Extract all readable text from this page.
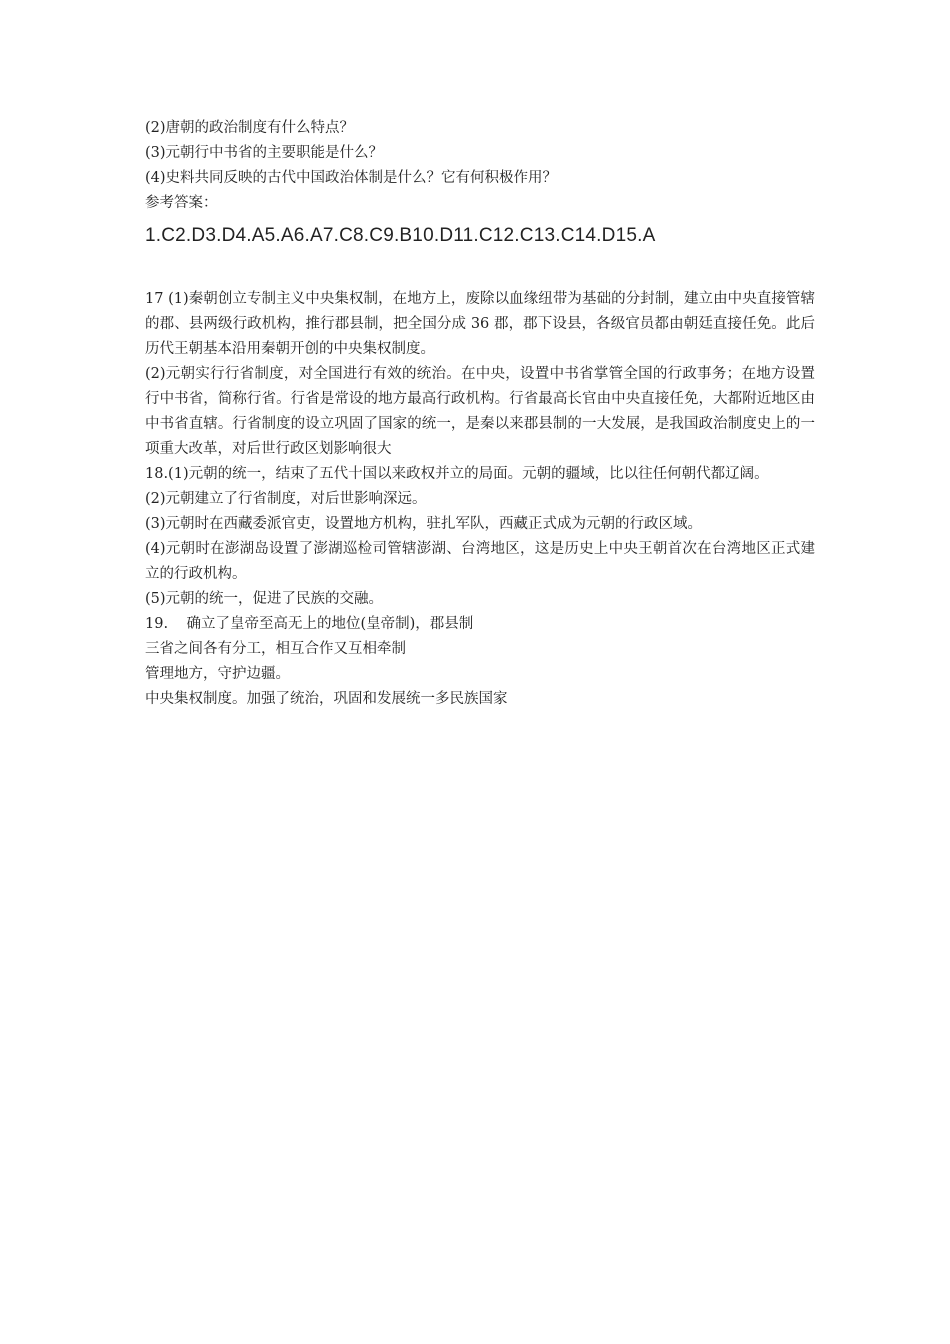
(2)唐朝的政治制度有什么特点？
(3)元朝行中书省的主要职能是什么？
(4)史料共同反映的古代中国政治体制是什么？它有何积极作用？
参考答案：
1.C2.D3.D4.A5.A6.A7.C8.C9.B10.D11.C12.C13.C14.D15.A
17 (1)秦朝创立专制主义中央集权制，在地方上，废除以血缘纽带为基础的分封制，建立由中央直接管辖的郡、县两级行政机构，推行郡县制，把全国分成 36 郡，郡下设县，各级官员都由朝廷直接任免。此后历代王朝基本沿用秦朝开创的中央集权制度。
(2)元朝实行行省制度，对全国进行有效的统治。在中央，设置中书省掌管全国的行政事务；在地方设置行中书省，简称行省。行省是常设的地方最高行政机构。行省最高长官由中央直接任免，大都附近地区由中书省直辖。行省制度的设立巩固了国家的统一，是秦以来郡县制的一大发展，是我国政治制度史上的一项重大改革，对后世行政区划影响很大
18.(1)元朝的统一，结束了五代十国以来政权并立的局面。元朝的疆域，比以往任何朝代都辽阔。
(2)元朝建立了行省制度，对后世影响深远。
(3)元朝时在西藏委派官吏，设置地方机构，驻扎军队，西藏正式成为元朝的行政区域。
(4)元朝时在澎湖岛设置了澎湖巡检司管辖澎湖、台湾地区，这是历史上中央王朝首次在台湾地区正式建立的行政机构。
(5)元朝的统一，促进了民族的交融。
19.    确立了皇帝至高无上的地位(皇帝制)，郡县制
三省之间各有分工，相互合作又互相牵制
管理地方，守护边疆。
中央集权制度。加强了统治，巩固和发展统一多民族国家
